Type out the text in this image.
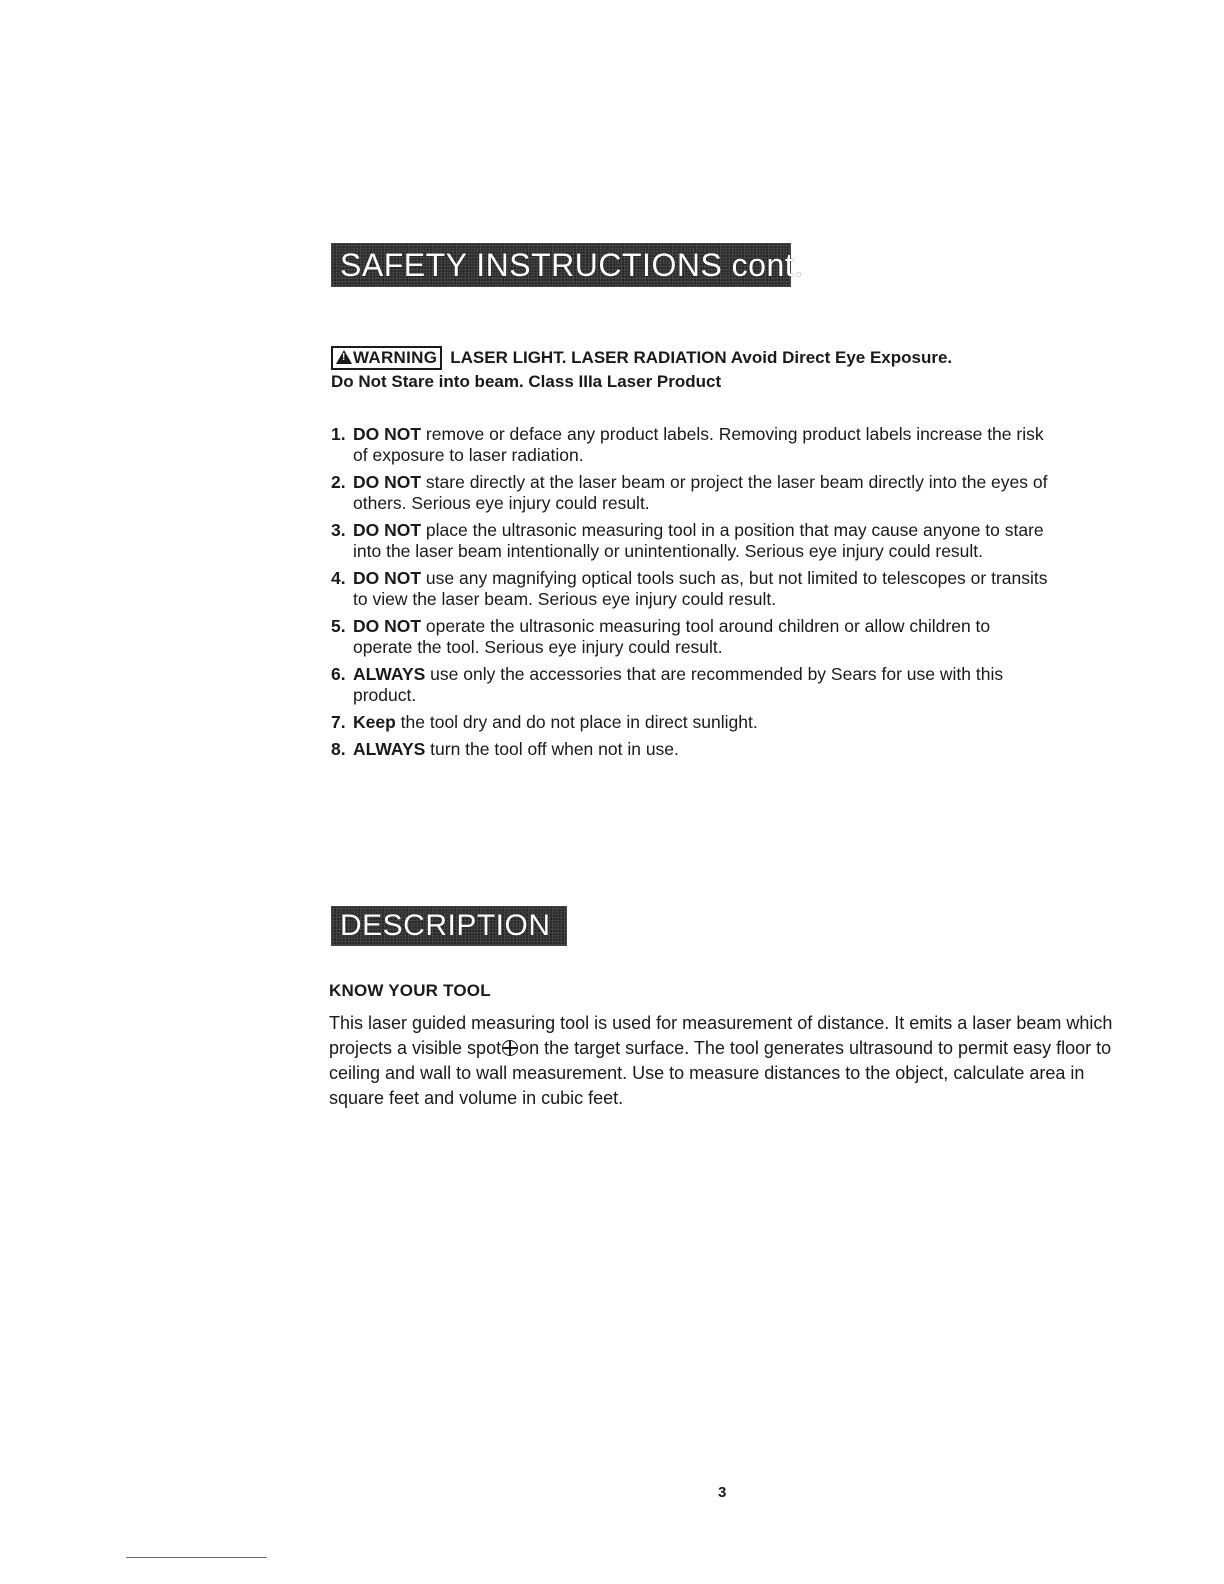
SAFETY INSTRUCTIONS cont.
!WARNING LASER LIGHT. LASER RADIATION Avoid Direct Eye Exposure.
Do Not Stare into beam. Class IIIa Laser Product
1. DO NOT remove or deface any product labels. Removing product labels increase the risk of exposure to laser radiation.
2. DO NOT stare directly at the laser beam or project the laser beam directly into the eyes of others. Serious eye injury could result.
3. DO NOT place the ultrasonic measuring tool in a position that may cause anyone to stare into the laser beam intentionally or unintentionally. Serious eye injury could result.
4. DO NOT use any magnifying optical tools such as, but not limited to telescopes or transits to view the laser beam. Serious eye injury could result.
5. DO NOT operate the ultrasonic measuring tool around children or allow children to operate the tool. Serious eye injury could result.
6. ALWAYS use only the accessories that are recommended by Sears for use with this product.
7. Keep the tool dry and do not place in direct sunlight.
8. ALWAYS turn the tool off when not in use.
DESCRIPTION
KNOW YOUR TOOL
This laser guided measuring tool is used for measurement of distance. It emits a laser beam which projects a visible spot on the target surface. The tool generates ultrasound to permit easy floor to ceiling and wall to wall measurement. Use to measure distances to the object, calculate area in square feet and volume in cubic feet.
3
